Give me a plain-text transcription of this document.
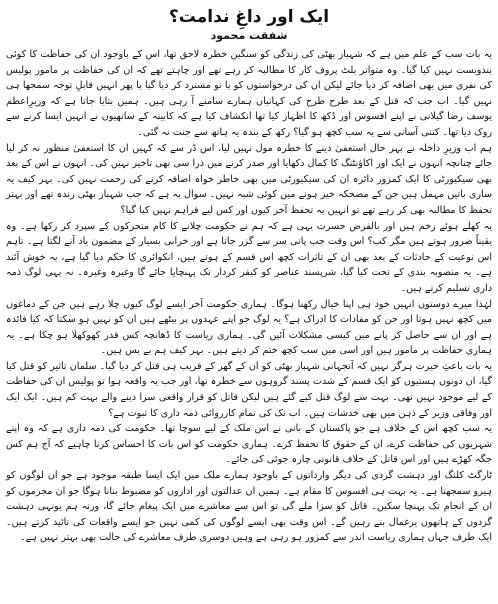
ایک اور داغِ ندامت؟
شفقت محمود

یہ بات سب کے علم میں ہے کہ شہباز بھٹی کی زندگی کو سنگین خطرہ لاحق تھا، اس کے باوجود ان کی حفاظت کا کوئی بندوبست نہیں کیا گیا۔ وہ متواتر بلٹ پروف کار کا مطالبہ کر رہے تھے اور چاہتے تھے کہ ان کی حفاظت پر مامور پولیس کی نفری میں بھی اضافہ کر دیا جائے لیکن ان کی درخواستوں کو یا تو مسترد کر دیا گیا یا پھر انہیں قابلِ توجہ سمجھا ہی نہیں گیا۔ اب جب کہ قتل کے بعد طرح طرح کی کہانیاں ہمارے سامنے آ رہی ہیں۔ ہمیں بتایا جاتا ہے کہ وزیرِاعظم یوسف رضا گیلانی نے اپنے افسوس اور دُکھ کا اظہار کیا تھا انکشاف کیا ہے کہ کابینہ کے ساتھیوں نے انہیں ایسا کرنے سے روک دیا تھا۔ کتنی آسانی سے یہ سب کچھ ہو گیا؟ رکھ کے بندہ یہ ہاتھ سے جنت نہ گئی۔

ہم اب وزیرِ داخلہ نے بہر حال استعفیٰ دینے کا خطرہ مول نہیں لیا، اس ڈر سے کہ کہیں ان کا استعفیٰ منظور نہ کر لیا جائے چنانچہ انہوں نے ایک اور اکاؤنٹنگ کا کمال دکھایا اور صدر کرنے میں ذرا سی بھی تاخیر نہیں کی۔ انہوں نے اس کے بعد بھی سیکیورٹی کا ایک کمزور دائرہ ان کی سیکیورٹی میں بھی خاطر خواہ اضافہ کرنے کی زحمت نہیں کی۔ بہر کیف یہ ساری باتیں مہمل ہیں جن کے مضحکہ خیز ہونے میں کوئی شبہ نہیں۔ سوال یہ ہے کہ جب شہباز بھٹی زندہ تھے اور بہتر تحفظ کا مطالبہ بھی کر رہے تھے تو انہیں یہ تحفظ آخر کیوں اور کس لیے فراہم نہیں کیا گیا؟

یہ کھلے ہوئے زخم ہیں اور بالفرض حسرت یہی ہے کہ ہم نے حکومت چلانے کا کام متحرکوں کے سپرد کر رکھا ہے۔ وہ یقیناً ضرور ہوتے ہیں مگر کب؟ اس وقت جب پانی سر سے گزر جاتا ہے اور خرابی بسیار کے مضمون یاد آنے لگتا ہے۔ تاہم اس نوعیت کے حادثات کے بعد بھی ان کے تاثرات کچھ اس قسم کے ہوتے ہیں، انکوائری کا حکم دیا گیا ہے، یہ خوش آئند ہے۔ یہ منصوبہ بندی کے تحت کیا گیا، شرپسند عناصر کو کیفر کردار تک پہنچایا جائے گا وغیرہ وغیرہ۔ نہ یہی لوگ ذمہ داری تسلیم کرتے ہیں۔

لہٰذا میرے دوستوں انہیں خود ہی اپنا خیال رکھنا ہوگا۔ ہماری حکومت آخر ایسے لوگ کیوں چلا رہے ہیں جن کے دماغوں میں کچھ نہیں ہوتا اور جن کو مفادات کا ادراک ہے؟ یہ لوگ جو اپنے عہدوں پر بیٹھے ہیں ان کو نہیں ہو سکتا کہ کیا فائدہ ہے اور ان سے حاصل کر پانے میں کیسی مشکلات آئیں گی۔ ہماری ریاست کا ڈھانچہ کس قدر کھوکھلا ہو چکا ہے۔ یہ ہماری حفاظت پر مامور ہیں اور اسی میں سب کچھ ختم کر دیتے ہیں۔ بہر کیف ہم بے بس ہیں۔

یہ بات باعثِ حیرت ہرگز نہیں کہ آنجہانی شہباز بھٹی کو ان کے گھر کے قریب ہی قتل کر دیا گیا۔ سلمان تاثیر کو قتل کیا گیا، ان دونوں ہستیوں کو ایک قسم کے شدت پسند گروہوں سے خطرہ تھا، اور جب یہ واقعہ ہوا تو پولیس ان کی حفاظت کے لیے موجود نہیں تھی۔ بہت سے لوگ قتل کیے گئے ہیں لیکن قاتل کو قرار واقعی سزا دینے والے بہت کم ہیں۔ ایک ایک اور وفاقی وزیر کے ذہن میں بھی خدشات ہیں۔ اب تک کی تمام کارروائی ذمہ داری کا ثبوت ہے؟

یہ سب کچھ اس کے خلاف ہے جو پاکستان کے بانی نے اس ملک کے لیے سوچا تھا۔ حکومت کی ذمہ داری ہے کہ وہ اپنے شہریوں کی حفاظت کرے، ان کے حقوق کا تحفظ کرے۔ ہماری حکومت کو اس بات کا احساس کرنا چاہیے کہ آج ہم کس جگہ کھڑے ہیں اور اس قاتل کے خلاف قانونی چارہ جوئی کی جائے۔

ٹارگٹ کلنگ اور دہشت گردی کی دیگر وارداتوں کے باوجود ہمارے ملک میں ایک ایسا طبقہ موجود ہے جو ان لوگوں کو ہیرو سمجھتا ہے۔ یہ بہت ہی افسوس کا مقام ہے۔ ہمیں ان عدالتوں اور اداروں کو مضبوط بنانا ہوگا جو ان مجرموں کو ان کے انجام تک پہنچا سکیں۔ قاتل کو سزا ملے گی تو اس سے معاشرے میں ایک پیغام جائے گا، ورنہ ہم یونہی دہشت گردوں کے ہاتھوں یرغمال بنے رہیں گے۔ اس وقت بھی ایسے لوگوں کی کمی نہیں جو ایسے واقعات کی تائید کرتے ہیں۔ ایک طرف جہاں ہماری ریاست اندر سے کمزور ہو رہی ہے وہیں دوسری طرف معاشرے کی حالت بھی بہتر نہیں ہے۔
